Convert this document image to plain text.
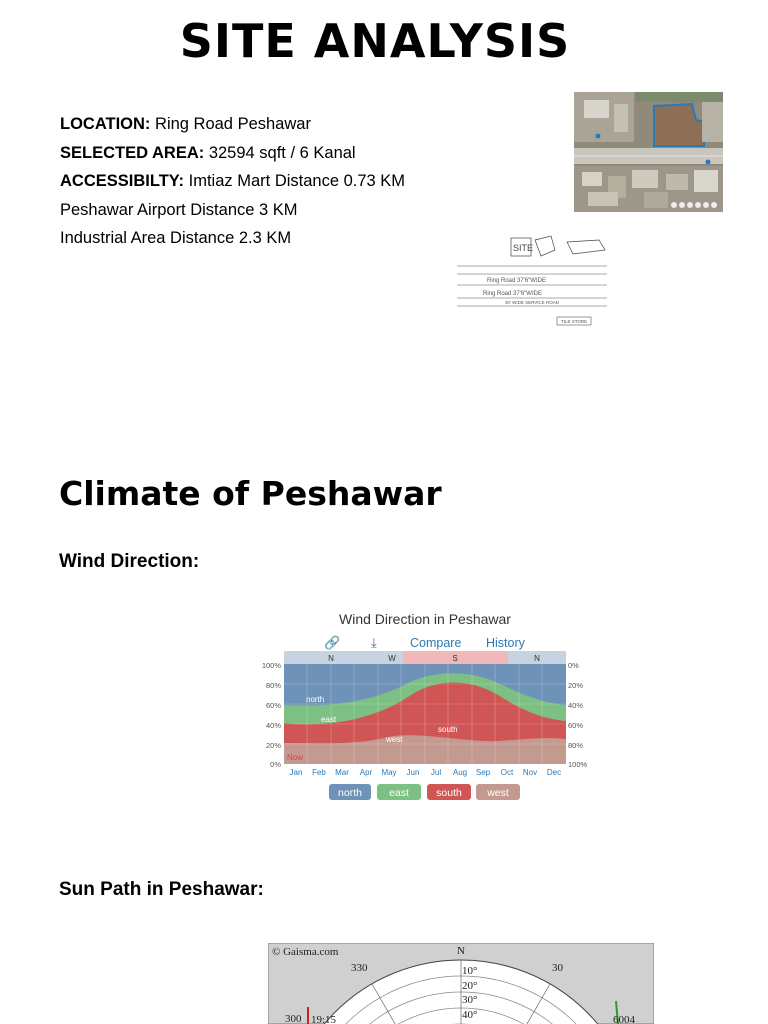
SITE ANALYSIS
LOCATION: Ring Road Peshawar
SELECTED AREA: 32594 sqft / 6 Kanal
ACCESSIBILTY: Imtiaz Mart Distance 0.73 KM
Peshawar Airport Distance 3 KM
Industrial Area Distance 2.3 KM
SITE
Ring Road 37'6"WIDE
Ring Road 37'6"WIDE
30' WIDE SERVICE ROAD
TILE STORE
Climate of Peshawar
Wind Direction:
Wind Direction in Peshawar
🔗 ⤓	Compare History
N	W	S	N
north
east
south
west
Now
100%
80%
60%
40%
20%
0%
0%
20%
40%
60%
80%
100%
Jan Feb Mar Apr May Jun Jul Aug Sep Oct Nov Dec
north	east	south west
Sun Path in Peshawar:
© Gaisma.com	N
330	30
10°
20°
30°
40°
300 19:15	6004
